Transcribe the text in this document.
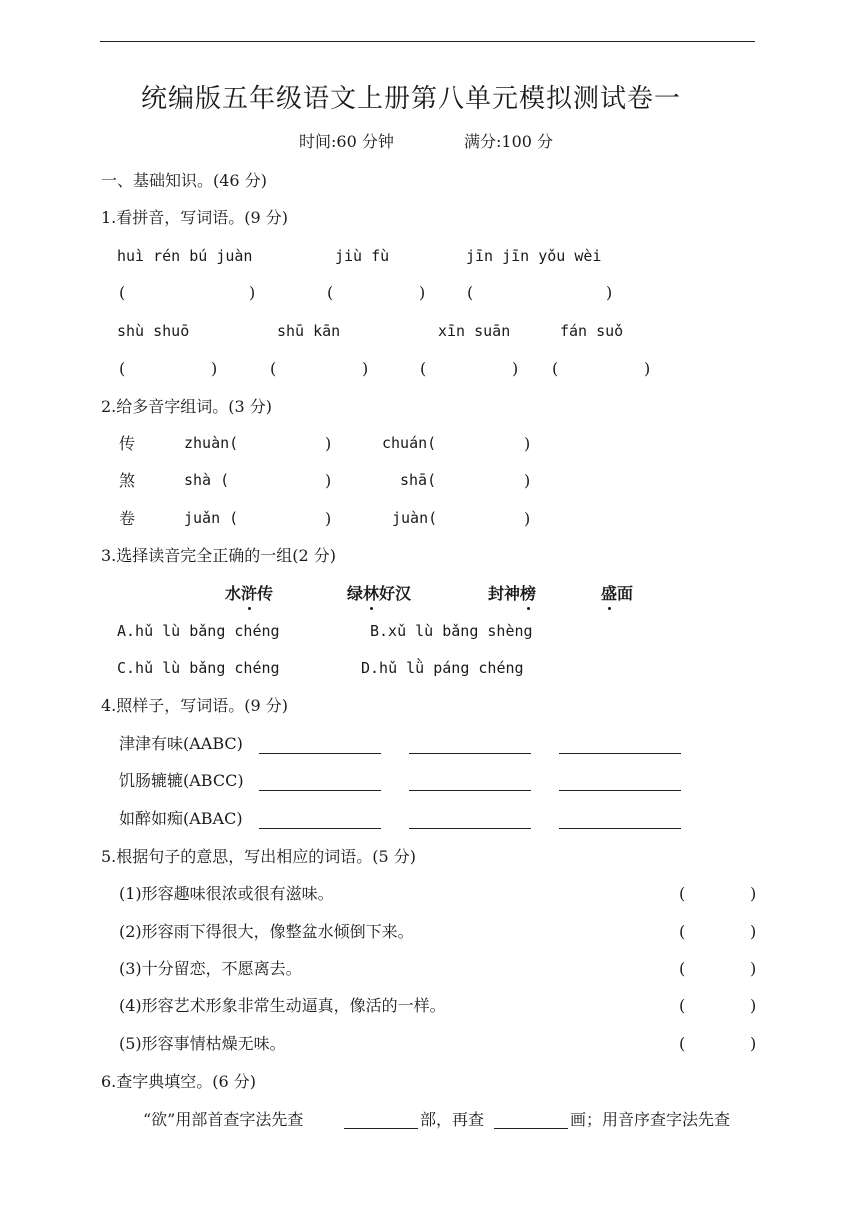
统编版五年级语文上册第八单元模拟测试卷一
时间:60 分钟	满分:100 分
一、基础知识。(46 分)
1.看拼音，写词语。(9 分)
huì rén bú juàn	jiù fù	jīn jīn yǒu wèi
(	)	(	)	(	)
shù shuō	shū kān	xīn suān	fán suǒ
(	)	(	)	(	) (	)
2.给多音字组词。(3 分)
传	zhuàn(	)	chuán(	)
煞	shà (	)	shā(	)
卷	juǎn (	)	juàn(	)
3.选择读音完全正确的一组(2 分)
水浒传	绿林好汉	封神榜	盛面
A.hǔ lù bǎng chéng	B.xǔ lù bǎng shèng
C.hǔ lù bǎng chéng	D.hǔ lǜ páng chéng
4.照样子，写词语。(9 分)
津津有味(AABC)
饥肠辘辘(ABCC)
如醉如痴(ABAC)
5.根据句子的意思，写出相应的词语。(5 分)
(1)形容趣味很浓或很有滋味。	(	)
(2)形容雨下得很大，像整盆水倾倒下来。	(	)
(3)十分留恋，不愿离去。	(	)
(4)形容艺术形象非常生动逼真，像活的一样。	(	)
(5)形容事情枯燥无味。	(	)
6.查字典填空。(6 分)
“欲”用部首查字法先查	部，再查	画；用音序查字法先查
